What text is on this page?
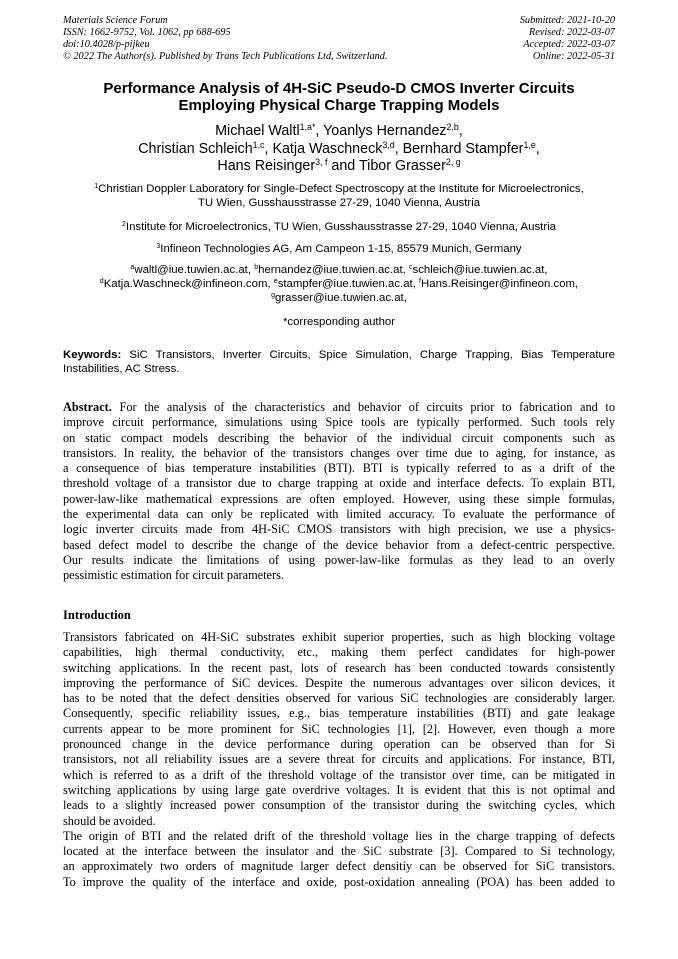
Materials Science Forum
ISSN: 1662-9752, Vol. 1062, pp 688-695
doi:10.4028/p-pijkeu
© 2022 The Author(s). Published by Trans Tech Publications Ltd, Switzerland.
Submitted: 2021-10-20
Revised: 2022-03-07
Accepted: 2022-03-07
Online: 2022-05-31
Performance Analysis of 4H-SiC Pseudo-D CMOS Inverter Circuits
Employing Physical Charge Trapping Models
Michael Waltl$^{1,a*}$, Yoanlys Hernandez$^{2,b}$,
Christian Schleich$^{1,c}$, Katja Waschneck$^{3,d}$, Bernhard Stampfer$^{1,e}$,
Hans Reisinger$^{3, f}$ and Tibor Grasser$^{2, g}$
$^1$Christian Doppler Laboratory for Single-Defect Spectroscopy at the Institute for Microelectronics,
TU Wien, Gusshausstrasse 27-29, 1040 Vienna, Austria
$^2$Institute for Microelectronics, TU Wien, Gusshausstrasse 27-29, 1040 Vienna, Austria
$^3$Infineon Technologies AG, Am Campeon 1-15, 85579 Munich, Germany
$^a$waltl@iue.tuwien.ac.at, $^b$hernandez@iue.tuwien.ac.at, $^c$schleich@iue.tuwien.ac.at,
$^d$Katja.Waschneck@infineon.com, $^e$stampfer@iue.tuwien.ac.at, $^f$Hans.Reisinger@infineon.com,
$^g$grasser@iue.tuwien.ac.at,
*corresponding author
Keywords: SiC Transistors, Inverter Circuits, Spice Simulation, Charge Trapping, Bias Temperature
Instabilities, AC Stress.
Abstract. For the analysis of the characteristics and behavior of circuits prior to fabrication and to
improve circuit performance, simulations using Spice tools are typically performed. Such tools rely
on static compact models describing the behavior of the individual circuit components such as
transistors. In reality, the behavior of the transistors changes over time due to aging, for instance, as
a consequence of bias temperature instabilities (BTI). BTI is typically referred to as a drift of the
threshold voltage of a transistor due to charge trapping at oxide and interface defects. To explain BTI,
power-law-like mathematical expressions are often employed. However, using these simple formulas,
the experimental data can only be replicated with limited accuracy. To evaluate the performance of
logic inverter circuits made from 4H-SiC CMOS transistors with high precision, we use a physics-
based defect model to describe the change of the device behavior from a defect-centric perspective.
Our results indicate the limitations of using power-law-like formulas as they lead to an overly
pessimistic estimation for circuit parameters.
Introduction
Transistors fabricated on 4H-SiC substrates exhibit superior properties, such as high blocking voltage
capabilities, high thermal conductivity, etc., making them perfect candidates for high-power
switching applications. In the recent past, lots of research has been conducted towards consistently
improving the performance of SiC devices. Despite the numerous advantages over silicon devices, it
has to be noted that the defect densities observed for various SiC technologies are considerably larger.
Consequently, specific reliability issues, e.g., bias temperature instabilities (BTI) and gate leakage
currents appear to be more prominent for SiC technologies [1], [2]. However, even though a more
pronounced change in the device performance during operation can be observed than for Si
transistors, not all reliability issues are a severe threat for circuits and applications. For instance, BTI,
which is referred to as a drift of the threshold voltage of the transistor over time, can be mitigated in
switching applications by using large gate overdrive voltages. It is evident that this is not optimal and
leads to a slightly increased power consumption of the transistor during the switching cycles, which
should be avoided.
The origin of BTI and the related drift of the threshold voltage lies in the charge trapping of defects
located at the interface between the insulator and the SiC substrate [3]. Compared to Si technology,
an approximately two orders of magnitude larger defect densitiy can be observed for SiC transistors.
To improve the quality of the interface and oxide, post-oxidation annealing (POA) has been added to
